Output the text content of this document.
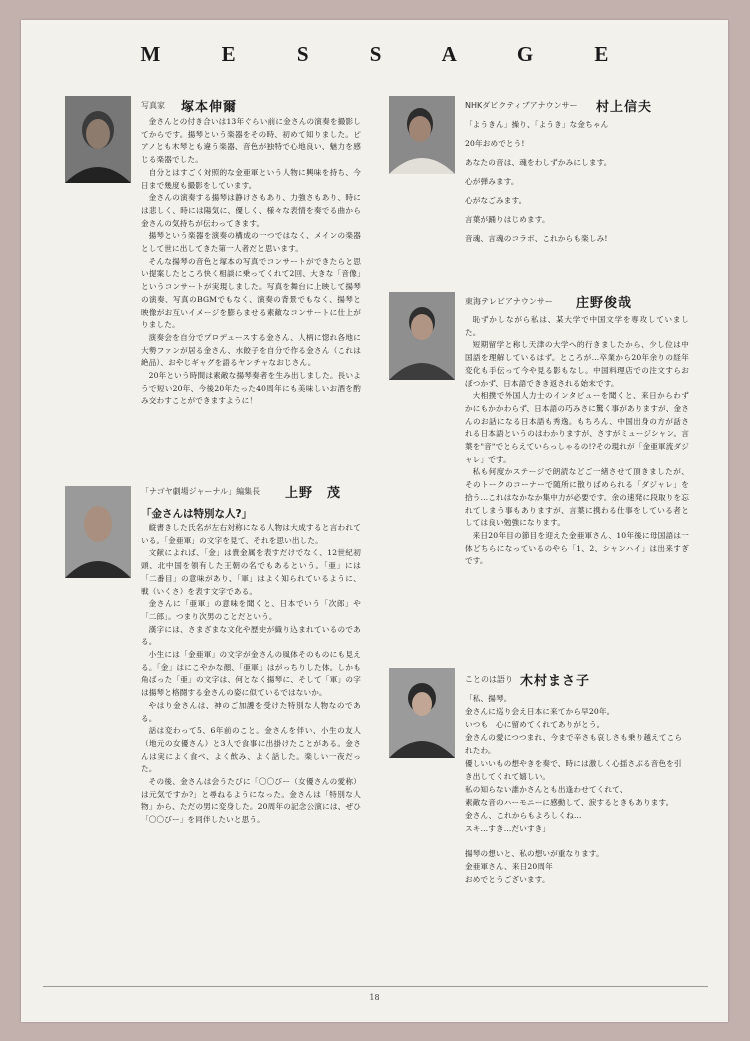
M E S S A G E
写真家 塚本伸爾

金さんとの付き合いは13年ぐらい前に金さんの演奏を撮影してからです。揚琴という楽器をその時、初めて知りました。ピアノとも木琴とも違う楽器、音色が独特で心地良い、魅力を感じる楽器でした。

自分とはすごく対照的な金亜軍という人物に興味を持ち、今日まで幾度も撮影をしています。

金さんの演奏する揚琴は静けさもあり、力強さもあり、時には悲しく、時には陽気に、優しく、様々な表情を奏でる曲から金さんの気持ちが伝わってきます。

揚琴という楽器を演奏の構成の一つではなく、メインの楽器として世に出してきた第一人者だと思います。

そんな揚琴の音色と塚本の写真でコンサートができたらと思い提案したところ快く相談に乗ってくれて2回、大きな「音像」というコンサートが実現しました。写真を舞台に上映して揚琴の演奏、写真のBGMでもなく、演奏の背景でもなく、揚琴と映像がお互いイメージを膨らませる素敵なコンサートに仕上がりました。

演奏会を自分でプロデュースする金さん、人柄に惚れ各地に大勢ファンが居る金さん、水餃子を自分で作る金さん（これは絶品）、おやじギャグを語るヤンチャなおじさん。

20年という時間は素敵な揚琴奏者を生み出しました。長いようで短い20年、今後20年たった40周年にも美味しいお酒を酌み交わすことができますように！

「ナゴヤ劇場ジャーナル」編集長 上野　茂
「金さんは特別な人?」

縦書きした氏名が左右対称になる人物は大成すると言われている。「金亜軍」の文字を見て、それを思い出した。

文献によれば、「金」は貴金属を表すだけでなく、12世紀初頭、北中国を領有した王朝の名でもあるという。「亜」には「二番目」の意味があり、「軍」はよく知られているように、戦（いくさ）を表す文字である。

金さんに「亜軍」の意味を聞くと、日本でいう「次郎」や「二郎」。つまり次男のことだという。

漢字には、さまざまな文化や歴史が織り込まれているのである。

小生には「金亜軍」の文字が金さんの風体そのものにも見える。「金」はにこやかな顔、「亜軍」はがっちりした体。しかも角ばった「亜」の文字は、何となく揚琴に、そして「軍」の字は揚琴と格闘する金さんの姿に似ているではないか。

やはり金さんは、神のご加護を受けた特別な人物なのである。

話は変わって5、6年前のこと。金さんを伴い、小生の友人（地元の女優さん）と3人で食事に出掛けたことがある。金さんは実によく食べ、よく飲み、よく話した。楽しい一夜だった。

その後、金さんは会うたびに「〇〇びー（女優さんの愛称）は元気ですか?」と尋ねるようになった。金さんは「特別な人物」から、ただの男に変身した。20周年の記念公演には、ぜひ「〇〇びー」を同伴したいと思う。

NHKダビクティブアナウンサー 村上信夫
「ようきん」操り、「ようき」な金ちゃん
20年おめでとう!
あなたの音は、魂をわしずかみにします。
心が弾みます。
心がなごみます。
言葉が踊りはじめます。
音魂、言魂のコラボ、これからも楽しみ!
東海テレビアナウンサー 庄野俊哉

恥ずかしながら私は、某大学で中国文学を専攻していました。

短期留学と称し天津の大学へ的行きましたから、少し位は中国語を理解しているはず。ところが…卒業から20年余りの経年変化も手伝って今や見る影もなし。中国料理店での注文すらおぼつかず、日本語できき返される始末です。

大相撲で外国人力士のインタビューを聞くと、来日からわずかにもかかわらず、日本語の巧みさに驚く事がありますが、金さんのお話になる日本語も秀逸。もちろん、中国出身の方が話される日本語というのはわかりますが、さすがミュージシャン。言葉を"音"でとらえていらっしゃるの!?その現れが「金亜軍流ダジャレ」です。

私も何度かステージで朗読などご一緒させて頂きましたが、そのトークのコーナーで随所に散りばめられる「ダジャレ」を拾う…これはなかなか集中力が必要です。余の速発に段取りを忘れてしまう事もありますが、言葉に携わる仕事をしている者としては良い勉強になります。

来日20年目の節目を迎えた金亜軍さん、10年後に母国語は一体どちらになっているのやら「1、2、シャンハイ」は出来すぎです。

ことのは語り 木村まさ子
「私、揚琴。
金さんに巡り会え日本に来てから早20年。
いつも　心に留めてくれてありがとう。
金さんの愛につつまれ、今まで辛さも哀しさも乗り越えてこられたわ。
優しいいもの想やきを奏で、時には激しく心揺さぶる音色を引き出してくれて嬉しい。
私の知らない誰かさんとも出逢わせてくれて、
素敵な音のハーモニーに感動して、涙するときもあります。
金さん、これからもよろしくね…
スキ…すき…だいすき」
揚琴の想いと、私の想いが重なります。
金亜軍さん、来日20周年
おめでとうございます。
18
